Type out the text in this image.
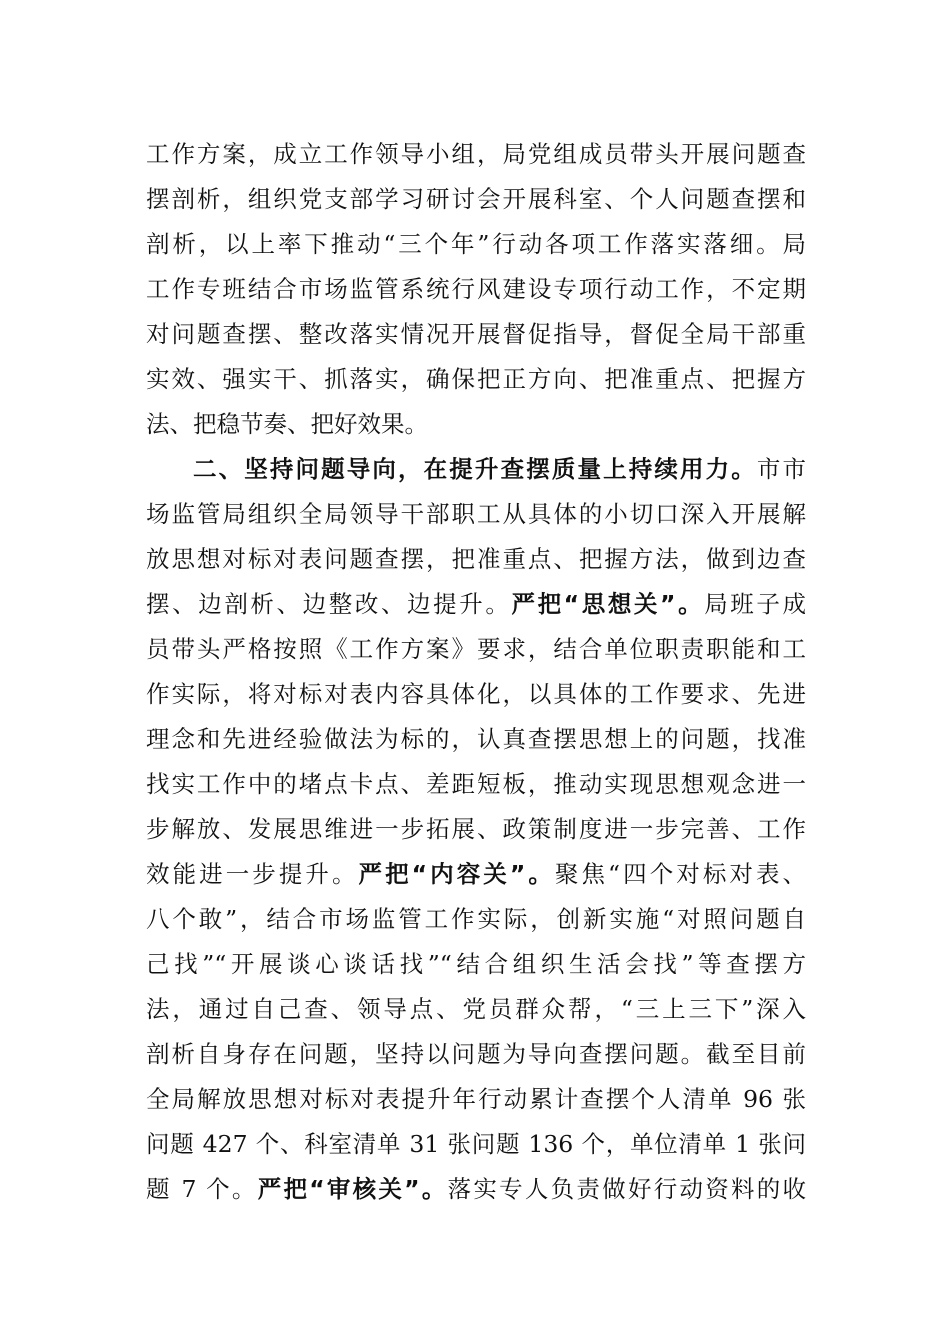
工作方案，成立工作领导小组，局党组成员带头开展问题查
摆剖析，组织党支部学习研讨会开展科室、个人问题查摆和
剖析，以上率下推动“三个年”行动各项工作落实落细。局
工作专班结合市场监管系统行风建设专项行动工作，不定期
对问题查摆、整改落实情况开展督促指导，督促全局干部重
实效、强实干、抓落实，确保把正方向、把准重点、把握方
法、把稳节奏、把好效果。
二、坚持问题导向，在提升查摆质量上持续用力。市市
场监管局组织全局领导干部职工从具体的小切口深入开展解
放思想对标对表问题查摆，把准重点、把握方法，做到边查
摆、边剖析、边整改、边提升。严把“思想关”。局班子成
员带头严格按照《工作方案》要求，结合单位职责职能和工
作实际，将对标对表内容具体化，以具体的工作要求、先进
理念和先进经验做法为标的，认真查摆思想上的问题，找准
找实工作中的堵点卡点、差距短板，推动实现思想观念进一
步解放、发展思维进一步拓展、政策制度进一步完善、工作
效能进一步提升。严把“内容关”。聚焦“四个对标对表、
八个敢”，结合市场监管工作实际，创新实施“对照问题自
己找”“开展谈心谈话找”“结合组织生活会找”等查摆方
法，通过自己查、领导点、党员群众帮，“三上三下”深入
剖析自身存在问题，坚持以问题为导向查摆问题。截至目前
全局解放思想对标对表提升年行动累计查摆个人清单 96 张
问题 427 个、科室清单 31 张问题 136 个，单位清单 1 张问
题 7 个。严把“审核关”。落实专人负责做好行动资料的收
